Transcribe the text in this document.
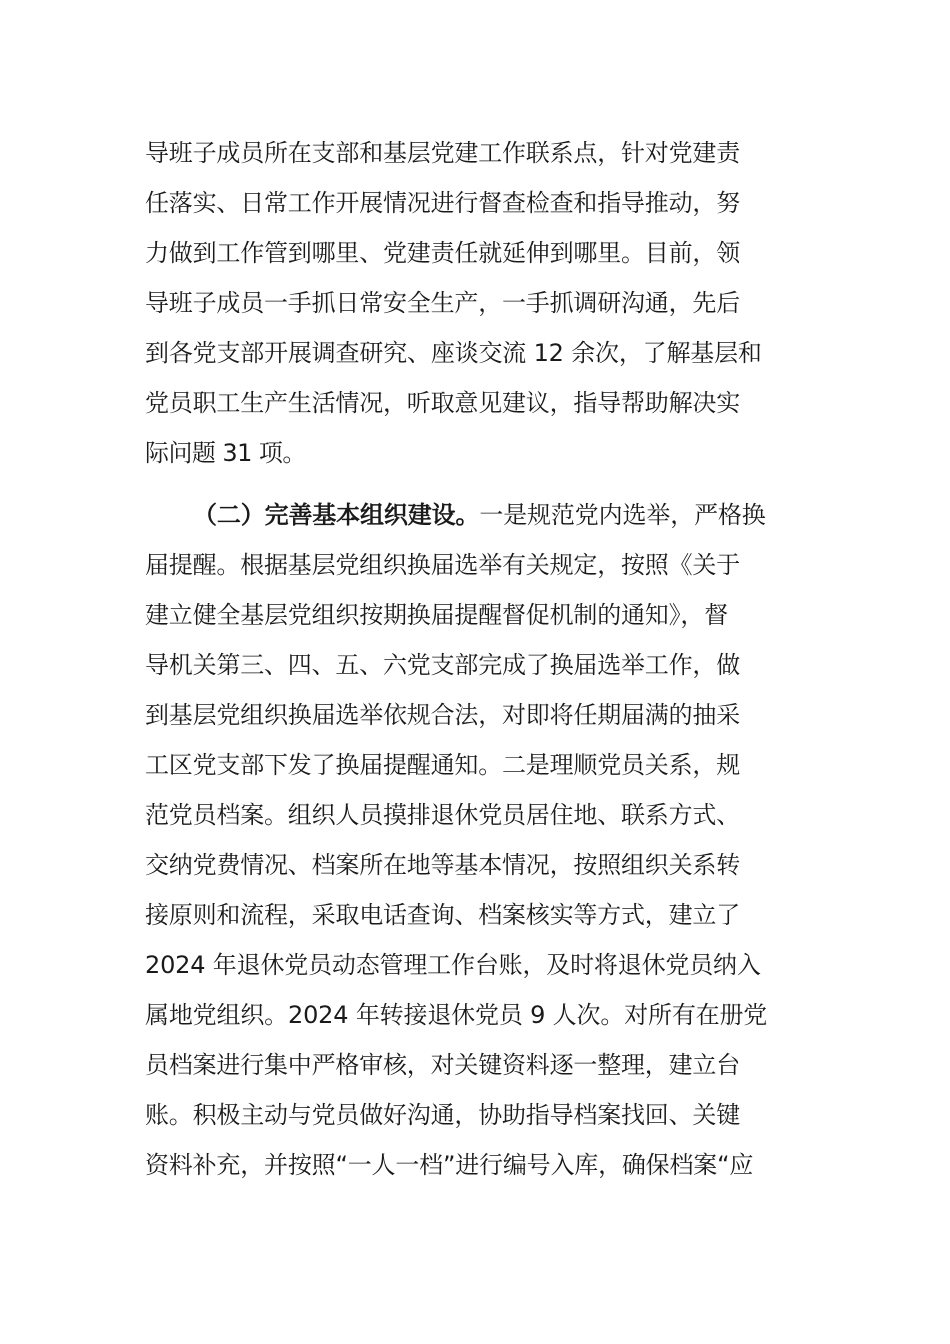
导班子成员所在支部和基层党建工作联系点，针对党建责
任落实、日常工作开展情况进行督查检查和指导推动，努
力做到工作管到哪里、党建责任就延伸到哪里。目前，领
导班子成员一手抓日常安全生产，一手抓调研沟通，先后
到各党支部开展调查研究、座谈交流 12 余次，了解基层和
党员职工生产生活情况，听取意见建议，指导帮助解决实
际问题 31 项。
（二）完善基本组织建设。一是规范党内选举，严格换
届提醒。根据基层党组织换届选举有关规定，按照《关于
建立健全基层党组织按期换届提醒督促机制的通知》，督
导机关第三、四、五、六党支部完成了换届选举工作，做
到基层党组织换届选举依规合法，对即将任期届满的抽采
工区党支部下发了换届提醒通知。二是理顺党员关系，规
范党员档案。组织人员摸排退休党员居住地、联系方式、
交纳党费情况、档案所在地等基本情况，按照组织关系转
接原则和流程，采取电话查询、档案核实等方式，建立了
2024 年退休党员动态管理工作台账，及时将退休党员纳入
属地党组织。2024 年转接退休党员 9 人次。对所有在册党
员档案进行集中严格审核，对关键资料逐一整理，建立台
账。积极主动与党员做好沟通，协助指导档案找回、关键
资料补充，并按照“一人一档”进行编号入库，确保档案“应
